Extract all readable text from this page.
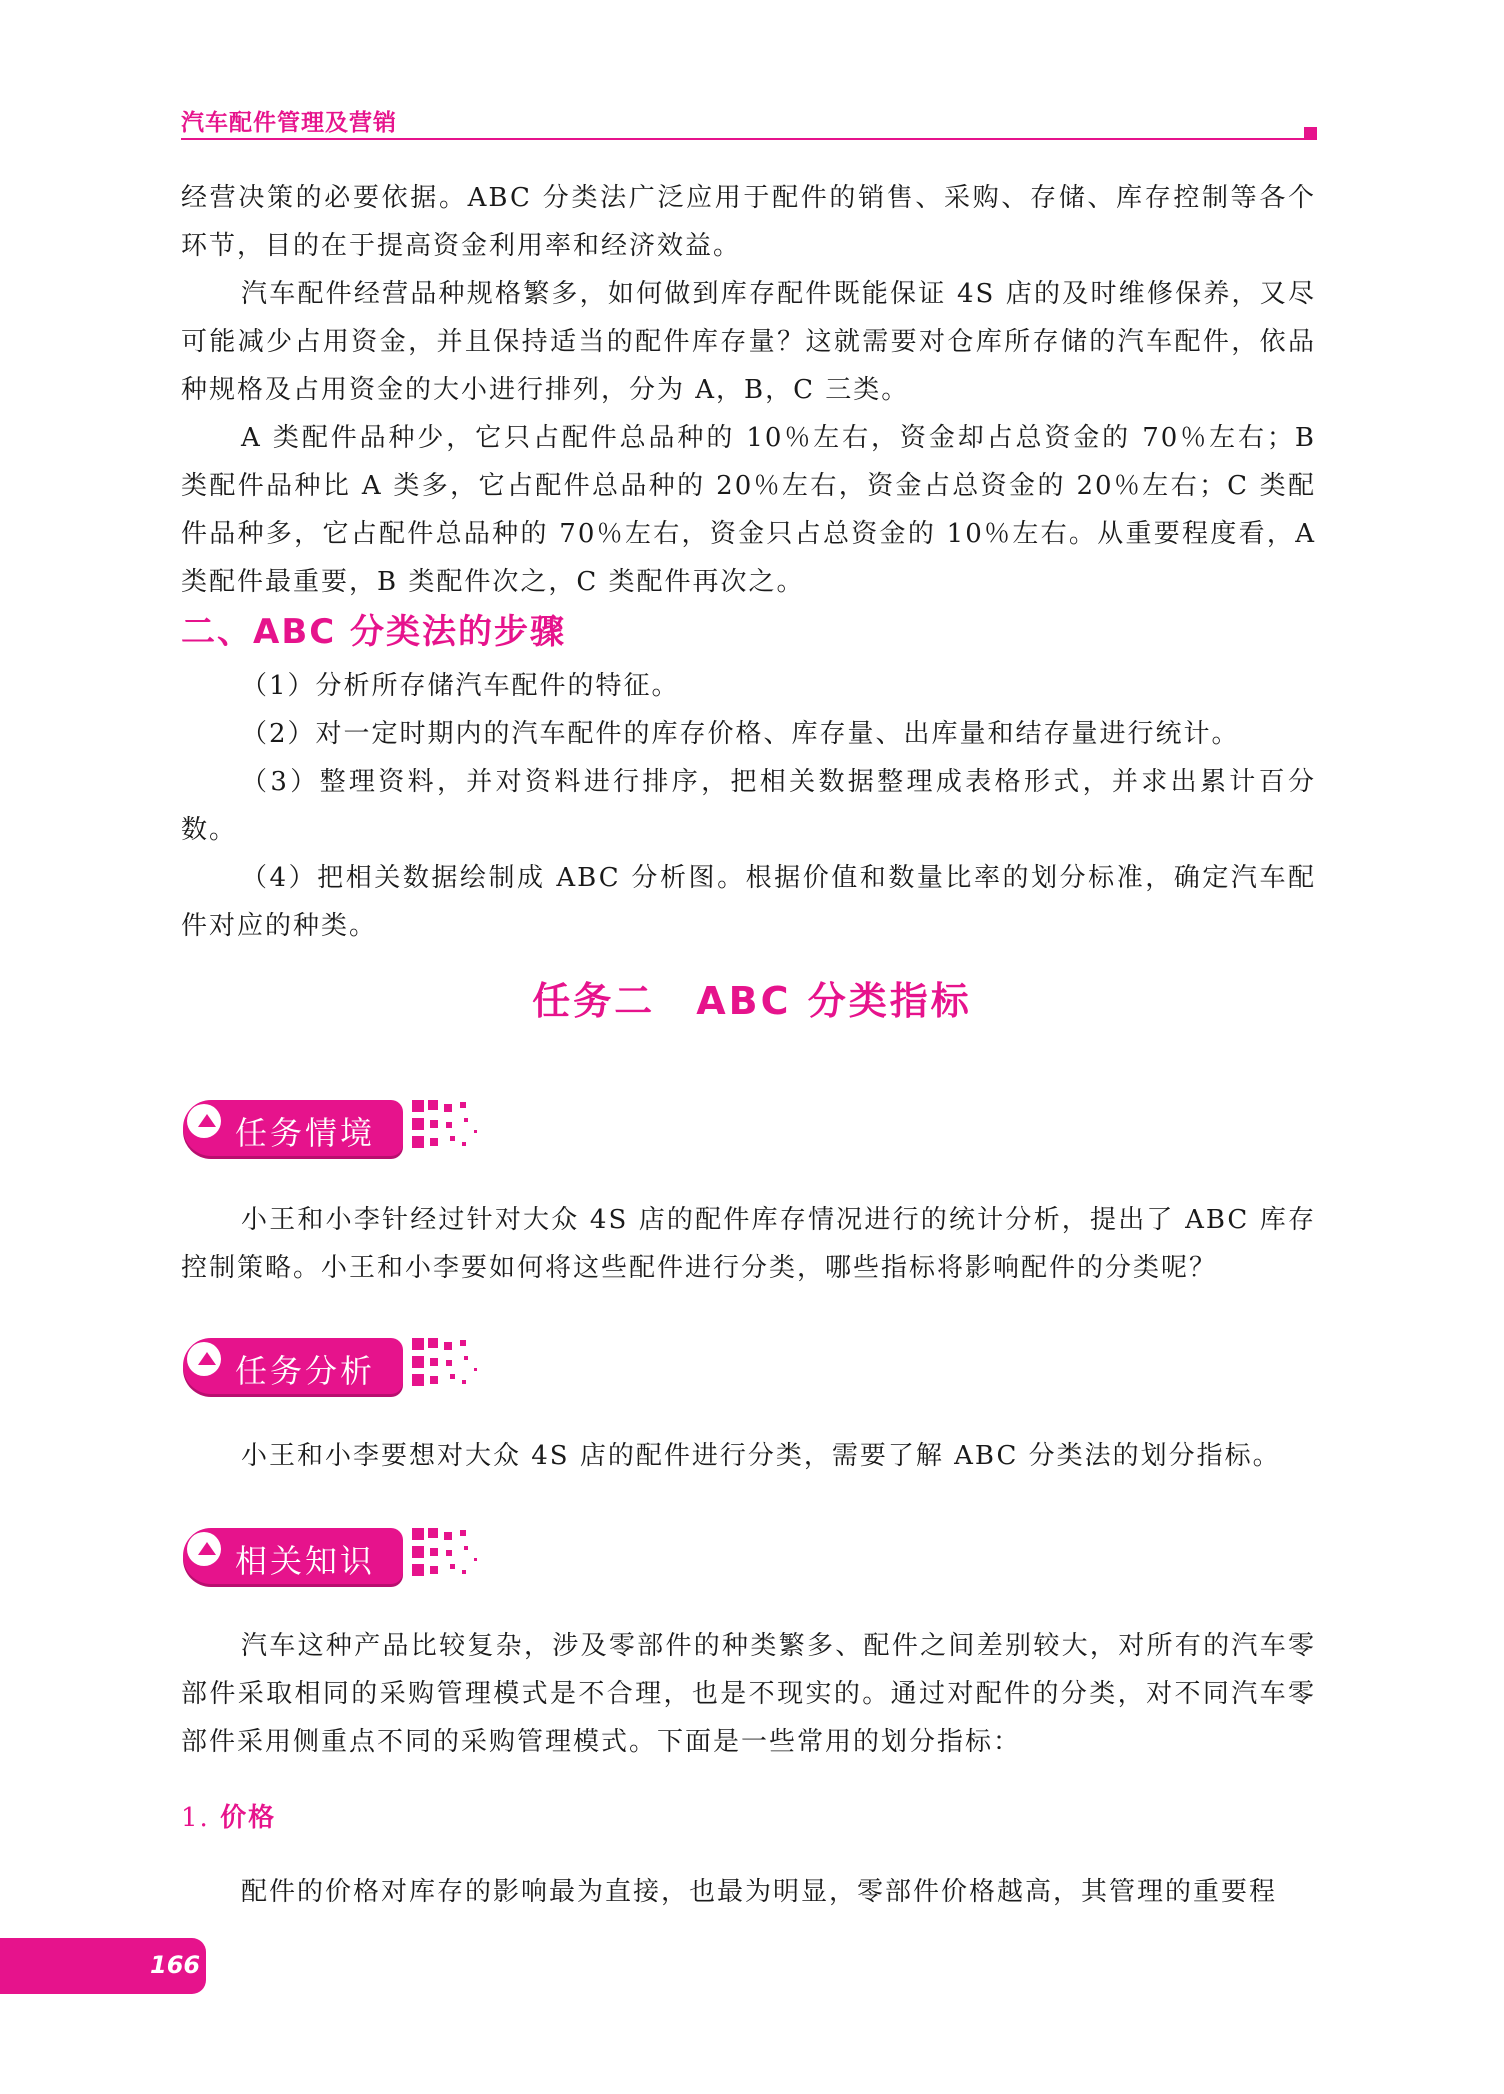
汽车配件管理及营销

经营决策的必要依据。ABC 分类法广泛应用于配件的销售、采购、存储、库存控制等各个环节，目的在于提高资金利用率和经济效益。

汽车配件经营品种规格繁多，如何做到库存配件既能保证 4S 店的及时维修保养，又尽可能减少占用资金，并且保持适当的配件库存量？这就需要对仓库所存储的汽车配件，依品种规格及占用资金的大小进行排列，分为 A，B，C 三类。

A 类配件品种少，它只占配件总品种的 10％左右，资金却占总资金的 70％左右；B 类配件品种比 A 类多，它占配件总品种的 20％左右，资金占总资金的 20％左右；C 类配件品种多，它占配件总品种的 70％左右，资金只占总资金的 10％左右。从重要程度看，A 类配件最重要，B 类配件次之，C 类配件再次之。

二、ABC 分类法的步骤

（1）分析所存储汽车配件的特征。

（2）对一定时期内的汽车配件的库存价格、库存量、出库量和结存量进行统计。

（3）整理资料，并对资料进行排序，把相关数据整理成表格形式，并求出累计百分数。

（4）把相关数据绘制成 ABC 分析图。根据价值和数量比率的划分标准，确定汽车配件对应的种类。

任务二　ABC 分类指标
任务情境

小王和小李针经过针对大众 4S 店的配件库存情况进行的统计分析，提出了 ABC 库存控制策略。小王和小李要如何将这些配件进行分类，哪些指标将影响配件的分类呢？

任务分析

小王和小李要想对大众 4S 店的配件进行分类，需要了解 ABC 分类法的划分指标。

相关知识

汽车这种产品比较复杂，涉及零部件的种类繁多、配件之间差别较大，对所有的汽车零部件采取相同的采购管理模式是不合理，也是不现实的。通过对配件的分类，对不同汽车零部件采用侧重点不同的采购管理模式。下面是一些常用的划分指标：

1. 价格

配件的价格对库存的影响最为直接，也最为明显，零部件价格越高，其管理的重要程

166
